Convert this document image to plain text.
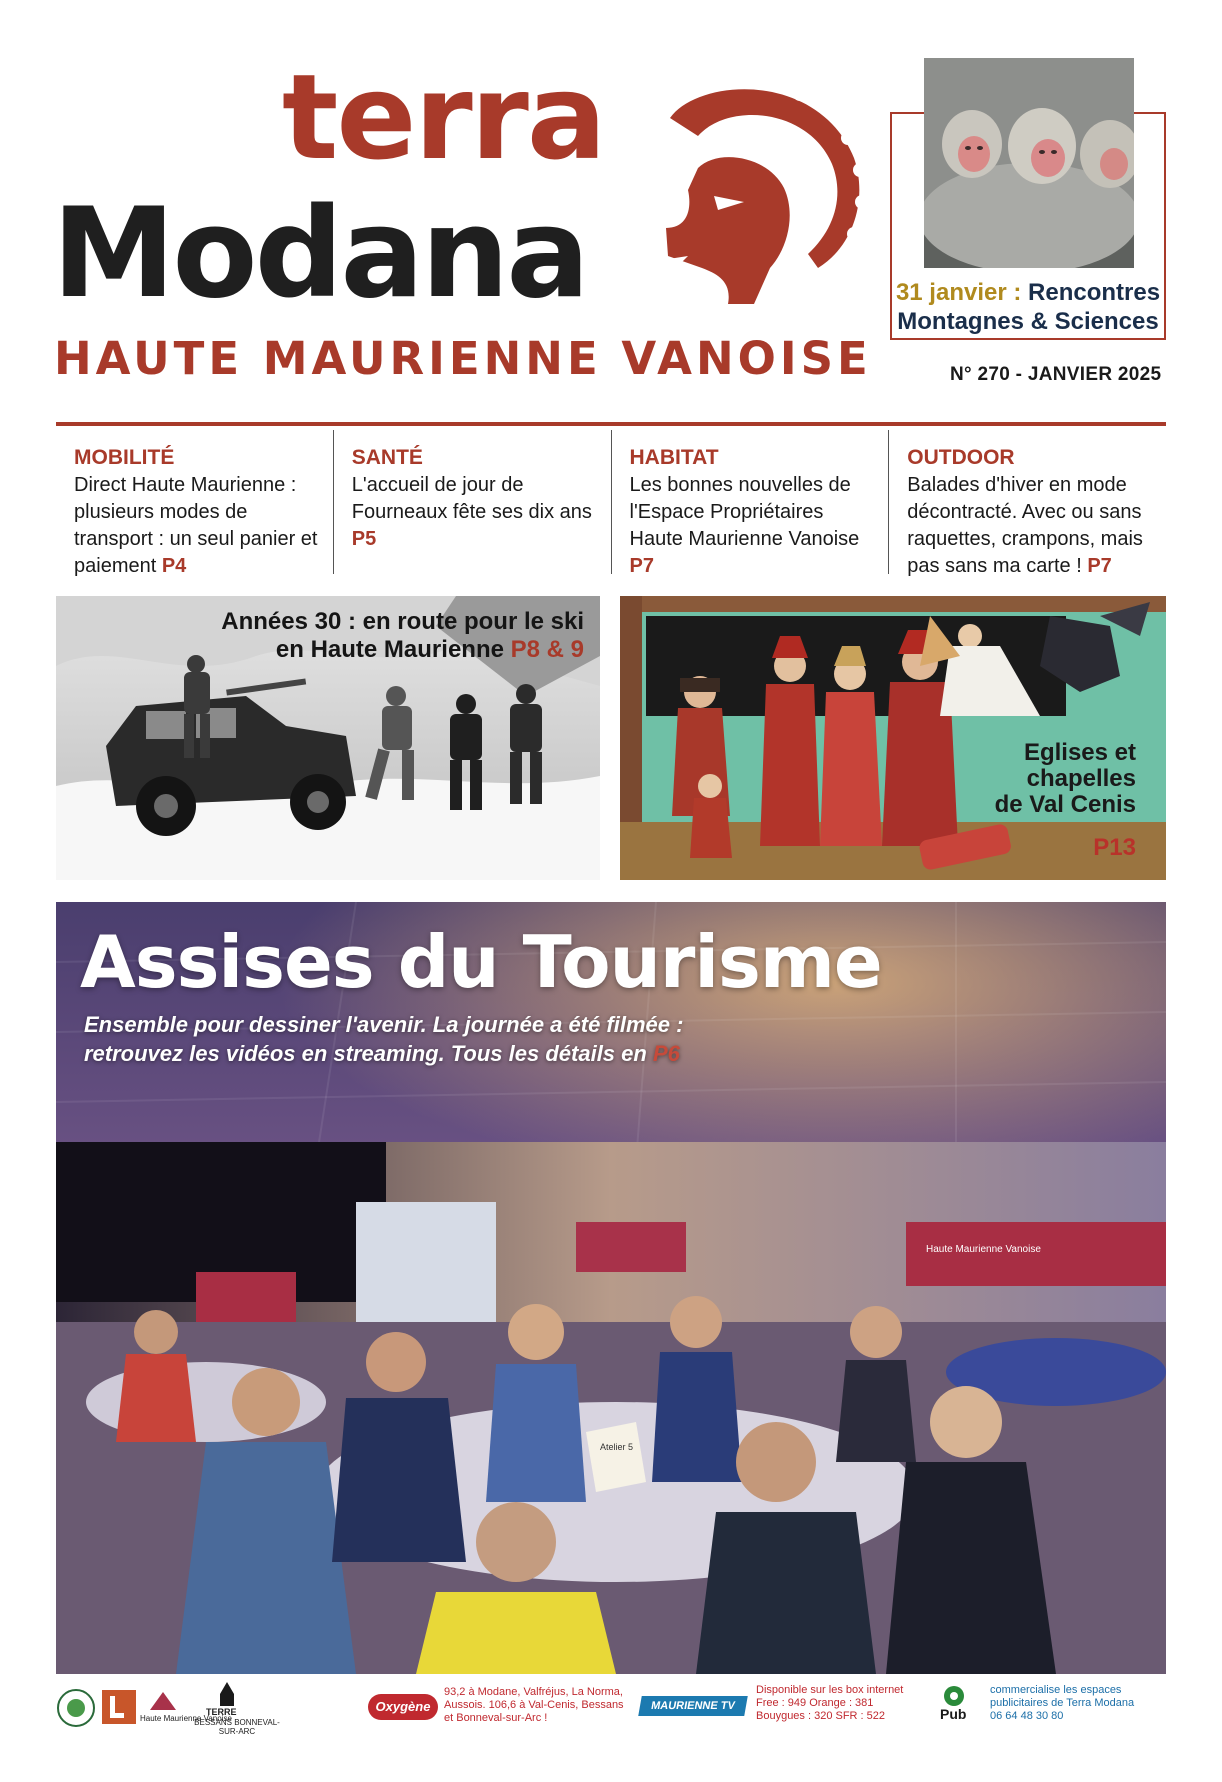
terra
Modana
HAUTE MAURIENNE VANOISE
31 janvier : Rencontres
Montagnes & Sciences
N° 270 - JANVIER 2025
MOBILITÉ
Direct Haute Maurienne : plusieurs modes de transport : un seul panier et paiement P4
SANTÉ
L'accueil de jour de Fourneaux fête ses dix ans P5
HABITAT
Les bonnes nouvelles de l'Espace Propriétaires Haute Maurienne Vanoise P7
OUTDOOR
Balades d'hiver en mode décontracté. Avec ou sans raquettes, crampons, mais pas sans ma carte ! P7
Années 30 : en route pour le ski
en Haute Maurienne P8 & 9
Eglises et
chapelles
de Val Cenis
P13
Atelier 5
Haute Maurienne Vanoise
Assises du Tourisme
Ensemble pour dessiner l'avenir. La journée a été filmée :
retrouvez les vidéos en streaming. Tous les détails en P6
Haute Maurienne Vanoise
TERRE
BESSANS BONNEVAL-SUR-ARC
Oxygène
93,2 à Modane, Valfréjus, La Norma,
Aussois. 106,6 à Val-Cenis, Bessans
et Bonneval-sur-Arc !
MAURIENNE TV
Disponible sur les box internet
Free : 949 Orange : 381
Bouygues : 320 SFR : 522	Pub
commercialise les espaces
publicitaires de Terra Modana
06 64 48 30 80
